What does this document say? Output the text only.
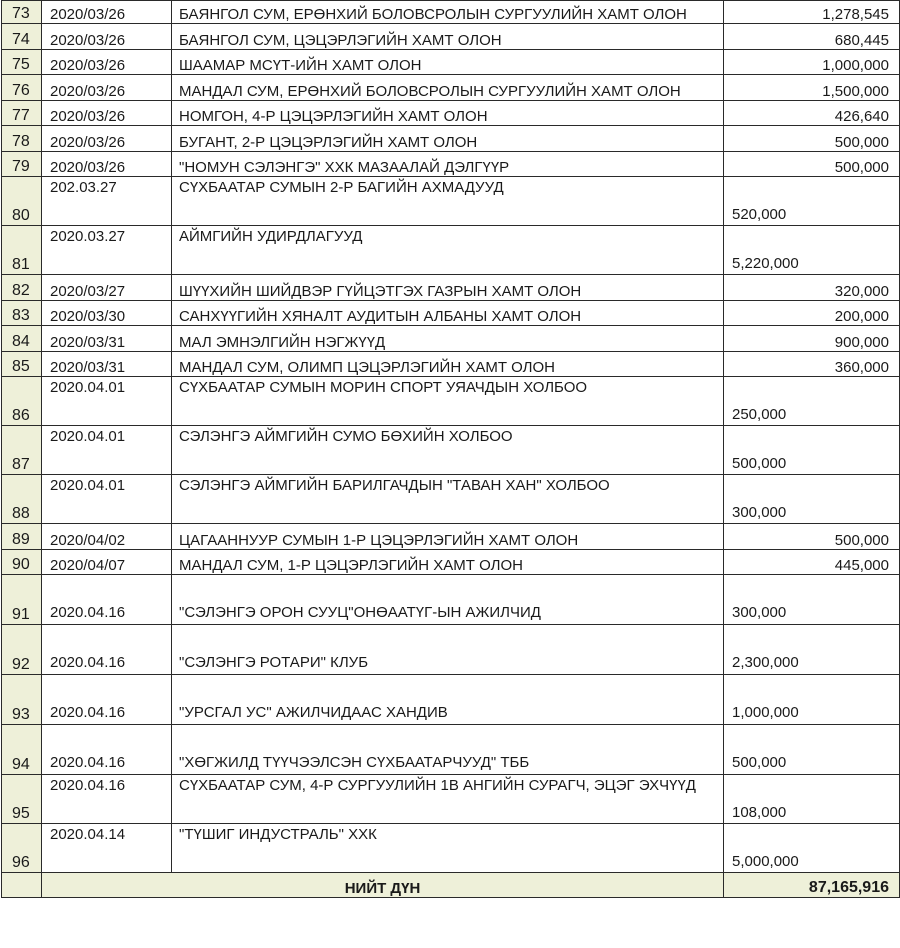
73	2020/03/26	БАЯНГОЛ СУМ, ЕРӨНХИЙ БОЛОВСРОЛЫН СУРГУУЛИЙН ХАМТ ОЛОН	1,278,545
74	2020/03/26	БАЯНГОЛ СУМ, ЦЭЦЭРЛЭГИЙН ХАМТ ОЛОН	680,445
75	2020/03/26	ШААМАР МСҮТ-ИЙН ХАМТ ОЛОН	1,000,000
76	2020/03/26	МАНДАЛ СУМ, ЕРӨНХИЙ БОЛОВСРОЛЫН СУРГУУЛИЙН ХАМТ ОЛОН	1,500,000
77	2020/03/26	НОМГОН, 4-Р ЦЭЦЭРЛЭГИЙН ХАМТ ОЛОН	426,640
78	2020/03/26	БУГАНТ, 2-Р ЦЭЦЭРЛЭГИЙН ХАМТ ОЛОН	500,000
79	2020/03/26	"НОМУН СЭЛЭНГЭ" ХХК МАЗААЛАЙ ДЭЛГҮҮР	500,000
80	202.03.27	СҮХБААТАР СУМЫН 2-Р БАГИЙН АХМАДУУД	520,000
81	2020.03.27	АЙМГИЙН УДИРДЛАГУУД	5,220,000
82	2020/03/27	ШҮҮХИЙН ШИЙДВЭР ГҮЙЦЭТГЭХ ГАЗРЫН ХАМТ ОЛОН	320,000
83	2020/03/30	САНХҮҮГИЙН ХЯНАЛТ АУДИТЫН АЛБАНЫ ХАМТ ОЛОН	200,000
84	2020/03/31	МАЛ ЭМНЭЛГИЙН НЭГЖҮҮД	900,000
85	2020/03/31	МАНДАЛ СУМ, ОЛИМП ЦЭЦЭРЛЭГИЙН ХАМТ ОЛОН	360,000
86	2020.04.01	СҮХБААТАР СУМЫН МОРИН СПОРТ УЯАЧДЫН ХОЛБОО	250,000
87	2020.04.01	СЭЛЭНГЭ АЙМГИЙН СУМО БӨХИЙН ХОЛБОО	500,000
88	2020.04.01	СЭЛЭНГЭ АЙМГИЙН БАРИЛГАЧДЫН "ТАВАН ХАН" ХОЛБОО	300,000
89	2020/04/02	ЦАГААННУУР СУМЫН 1-Р ЦЭЦЭРЛЭГИЙН ХАМТ ОЛОН	500,000
90	2020/04/07	МАНДАЛ СУМ, 1-Р ЦЭЦЭРЛЭГИЙН ХАМТ ОЛОН	445,000
91	2020.04.16	"СЭЛЭНГЭ ОРОН СУУЦ"ОНӨААТҮГ-ЫН АЖИЛЧИД	300,000
92	2020.04.16	"СЭЛЭНГЭ РОТАРИ" КЛУБ	2,300,000
93	2020.04.16	"УРСГАЛ УС" АЖИЛЧИДААС ХАНДИВ	1,000,000
94	2020.04.16	"ХӨГЖИЛД ТҮҮЧЭЭЛСЭН СҮХБААТАРЧУУД" ТББ	500,000
95	2020.04.16	СҮХБААТАР СУМ, 4-Р СУРГУУЛИЙН 1В АНГИЙН СУРАГЧ, ЭЦЭГ ЭХЧҮҮД	108,000
96	2020.04.14	"ТҮШИГ ИНДУСТРАЛЬ" ХХК	5,000,000
	НИЙТ ДҮН		87,165,916
